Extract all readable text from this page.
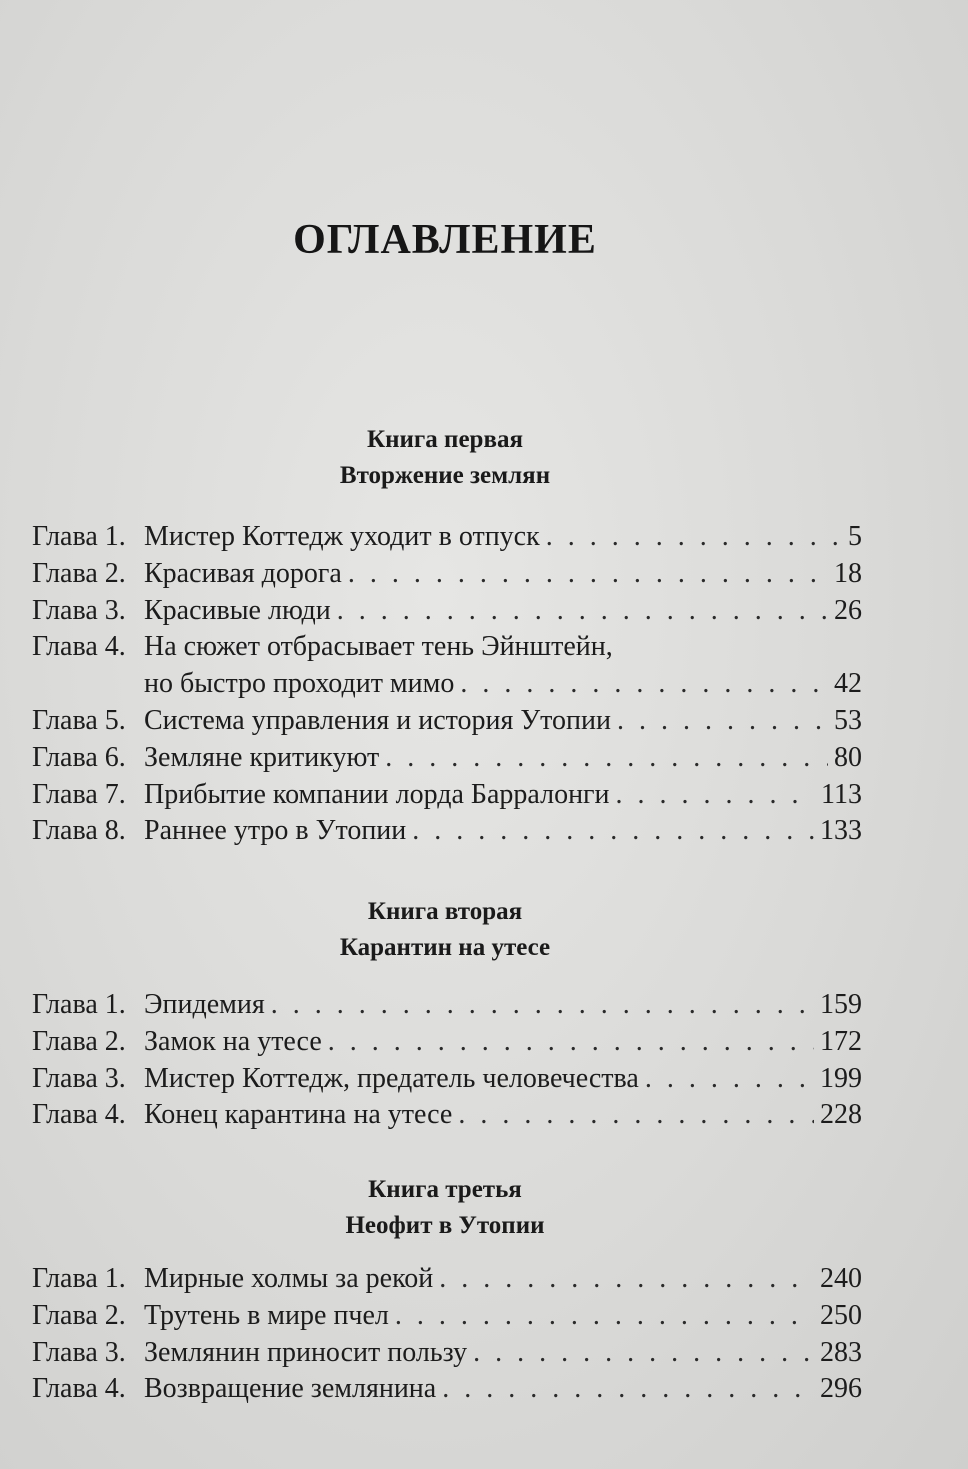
ОГЛАВЛЕНИЕ
Книга первая
Вторжение землян
Глава 1. Мистер Коттедж уходит в отпуск . . .	5
Глава 2. Красивая дорога . . .	18
Глава 3. Красивые люди . . .	26
Глава 4. На сюжет отбрасывает тень Эйнштейн,
но быстро проходит мимо . . .	42
Глава 5. Система управления и история Утопии . . .	53
Глава 6. Земляне критикуют . . .	80
Глава 7. Прибытие компании лорда Барралонги . . .	113
Глава 8. Раннее утро в Утопии . . .	133
Книга вторая
Карантин на утесе
Глава 1. Эпидемия . . .	159
Глава 2. Замок на утесе . . .	172
Глава 3. Мистер Коттедж, предатель человечества . . .	199
Глава 4. Конец карантина на утесе . . .	228
Книга третья
Неофит в Утопии
Глава 1. Мирные холмы за рекой . . .	240
Глава 2. Трутень в мире пчел . . .	250
Глава 3. Землянин приносит пользу . . .	283
Глава 4. Возвращение землянина . . .	296
